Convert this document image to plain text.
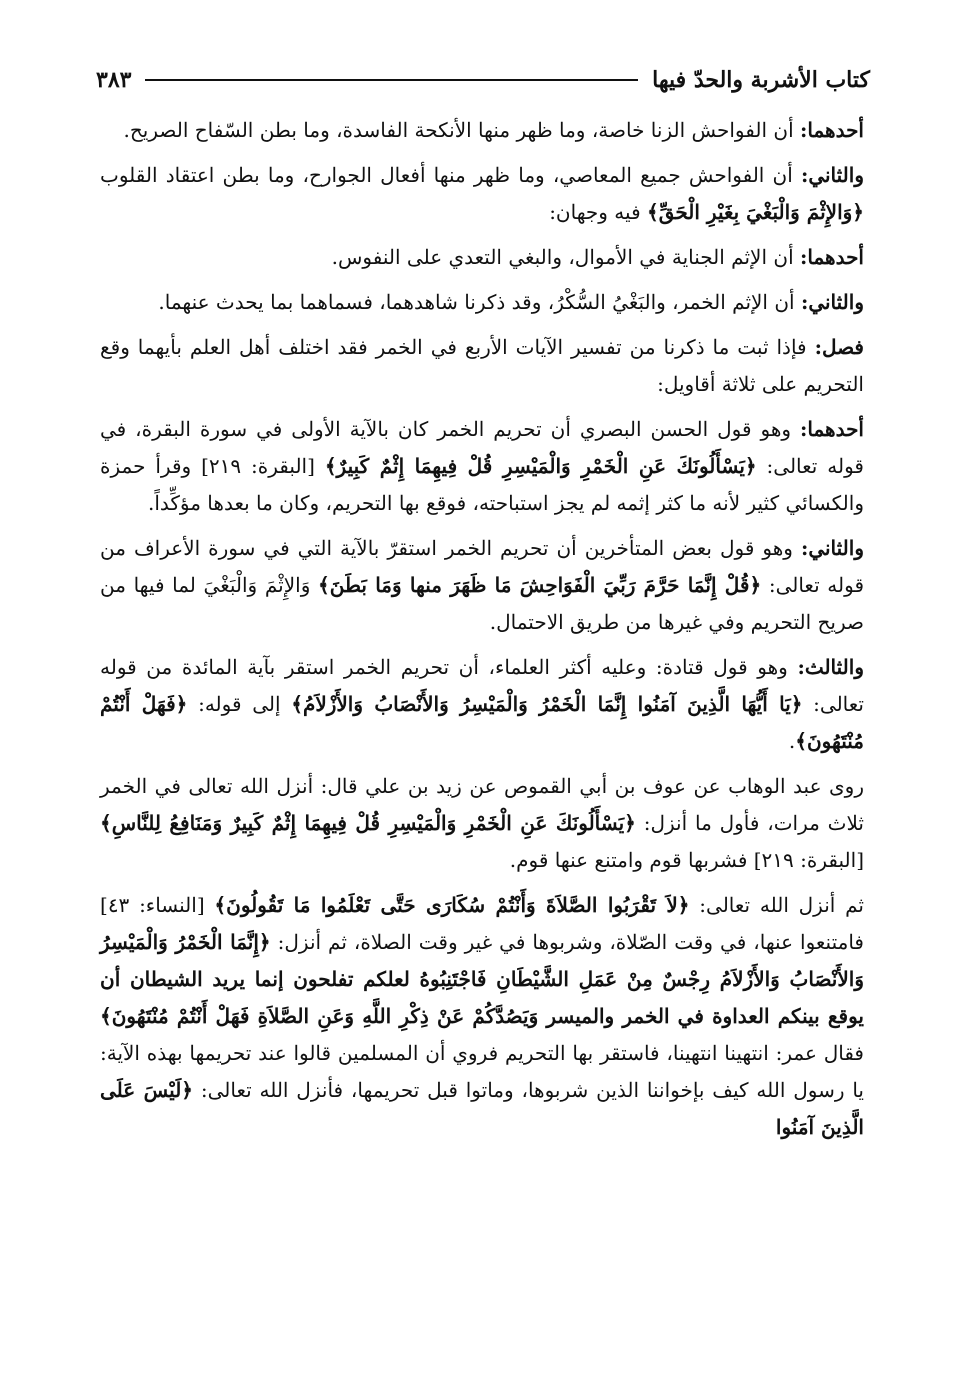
كتاب الأشربة والحدّ فيها
٣٨٣

أحدهما: أن الفواحش الزنا خاصة، وما ظهر منها الأنكحة الفاسدة، وما بطن السّفاح الصريح.

والثاني: أن الفواحش جميع المعاصي، وما ظهر منها أفعال الجوارح، وما بطن اعتقاد القلوب ﴿وَالإِثْمَ وَالْبَغْيَ بِغَيْرِ الْحَقِّ﴾ فيه وجهان:

أحدهما: أن الإثم الجناية في الأموال، والبغي التعدي على النفوس.

والثاني: أن الإثم الخمر، والبَغْيُ السُّكْرُ، وقد ذكرنا شاهدهما، فسماهما بما يحدث عنهما.

فصل: فإذا ثبت ما ذكرنا من تفسير الآيات الأربع في الخمر فقد اختلف أهل العلم بأيهما وقع التحريم على ثلاثة أقاويل:

أحدهما: وهو قول الحسن البصري أن تحريم الخمر كان بالآية الأولى في سورة البقرة، في قوله تعالى: ﴿يَسْأَلُونَكَ عَنِ الْخَمْرِ وَالْمَيْسِرِ قُلْ فِيهِمَا إِثْمٌ كَبِيرٌ﴾ [البقرة: ٢١٩] وقرأ حمزة والكسائي كثير لأنه ما كثر إثمه لم يجز استباحته، فوقع بها التحريم، وكان ما بعدها مؤكِّداً.

والثاني: وهو قول بعض المتأخرين أن تحريم الخمر استقرّ بالآية التي في سورة الأعراف من قوله تعالى: ﴿قُلْ إِنَّمَا حَرَّمَ رَبِّيَ الْفَوَاحِشَ مَا ظَهَرَ منها وَمَا بَطَنَ﴾ وَالإِثْمَ وَالْبَغْيَ لما فيها من صريح التحريم وفي غيرها من طريق الاحتمال.

والثالث: وهو قول قتادة: وعليه أكثر العلماء، أن تحريم الخمر استقر بآية المائدة من قوله تعالى: ﴿يَا أَيُّهَا الَّذِينَ آمَنُوا إِنَّمَا الْخَمْرُ وَالْمَيْسِرُ وَالأَنْصَابُ وَالأَزْلاَمُ﴾ إلى قوله: ﴿فَهَلْ أَنْتُمْ مُنْتَهُونَ﴾.

روى عبد الوهاب عن عوف بن أبي القموص عن زيد بن علي قال: أنزل الله تعالى في الخمر ثلاث مرات، فأول ما أنزل: ﴿يَسْأَلُونَكَ عَنِ الْخَمْرِ وَالْمَيْسِرِ قُلْ فِيهِمَا إِثْمٌ كَبِيرٌ وَمَنَافِعُ لِلنَّاسِ﴾ [البقرة: ٢١٩] فشربها قوم وامتنع عنها قوم.

ثم أنزل الله تعالى: ﴿لاَ تَقْرَبُوا الصَّلاَةَ وَأَنْتُمْ سُكَارَى حَتَّى تَعْلَمُوا مَا تَقُولُونَ﴾ [النساء: ٤٣] فامتنعوا عنها، في وقت الصّلاة، وشربوها في غير وقت الصلاة، ثم أنزل: ﴿إِنَّمَا الْخَمْرُ وَالْمَيْسِرُ وَالأَنْصَابُ وَالأَزْلاَمُ رِجْسٌ مِنْ عَمَلِ الشَّيْطَانِ فَاجْتَنِبُوهُ لعلكم تفلحون إنما يريد الشيطان أن يوقع بينكم العداوة في الخمر والميسر وَيَصُدَّكُمْ عَنْ ذِكْرِ اللَّهِ وَعَنِ الصَّلاَةِ فَهَلْ أَنْتُمْ مُنْتَهُونَ﴾ فقال عمر: انتهينا انتهينا، فاستقر بها التحريم فروي أن المسلمين قالوا عند تحريمها بهذه الآية: يا رسول الله كيف بإخواننا الذين شربوها، وماتوا قبل تحريمها، فأنزل الله تعالى: ﴿لَيْسَ عَلَى الَّذِينَ آمَنُوا
